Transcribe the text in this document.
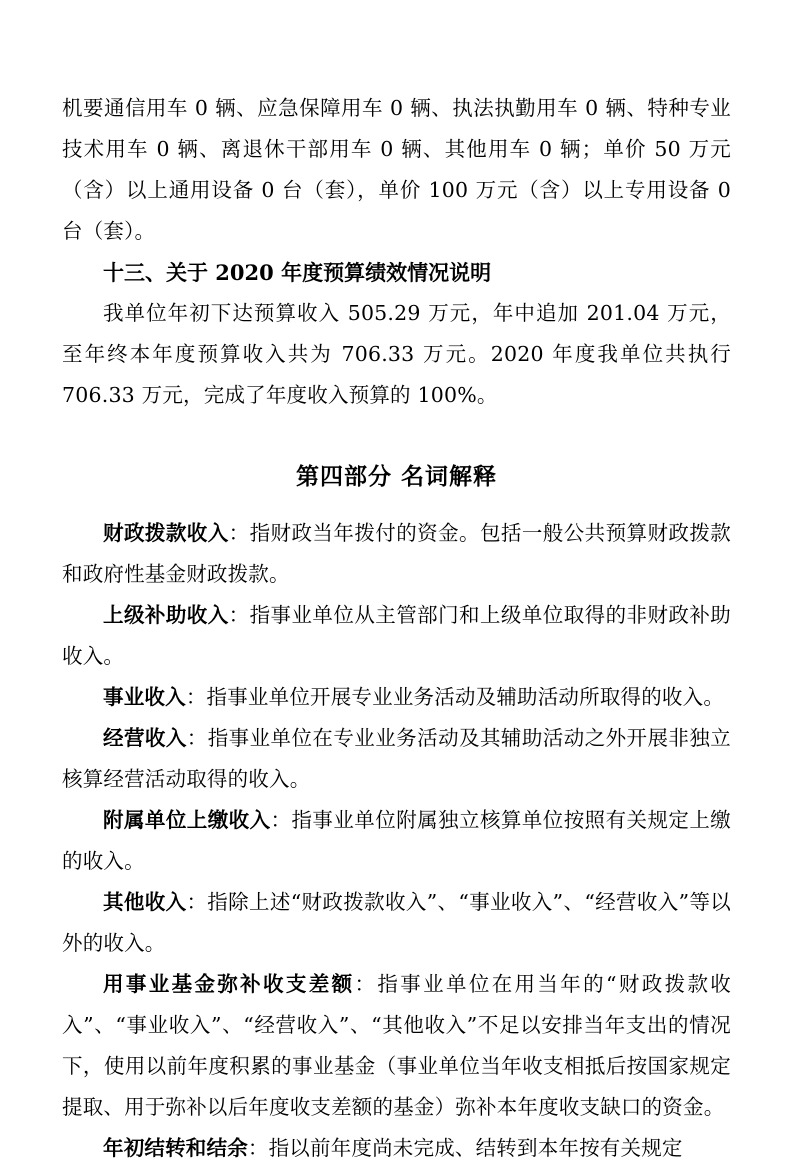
机要通信用车 0 辆、应急保障用车 0 辆、执法执勤用车 0 辆、特种专业技术用车 0 辆、离退休干部用车 0 辆、其他用车 0 辆；单价 50 万元（含）以上通用设备 0 台（套），单价 100 万元（含）以上专用设备 0 台（套）。

十三、关于 2020 年度预算绩效情况说明

我单位年初下达预算收入 505.29 万元，年中追加 201.04 万元，至年终本年度预算收入共为 706.33 万元。2020 年度我单位共执行 706.33 万元，完成了年度收入预算的 100%。

第四部分 名词解释

财政拨款收入：指财政当年拨付的资金。包括一般公共预算财政拨款和政府性基金财政拨款。

上级补助收入：指事业单位从主管部门和上级单位取得的非财政补助收入。

事业收入：指事业单位开展专业业务活动及辅助活动所取得的收入。

经营收入：指事业单位在专业业务活动及其辅助活动之外开展非独立核算经营活动取得的收入。

附属单位上缴收入：指事业单位附属独立核算单位按照有关规定上缴的收入。

其他收入：指除上述“财政拨款收入”、“事业收入”、“经营收入”等以外的收入。

用事业基金弥补收支差额：指事业单位在用当年的“财政拨款收入”、“事业收入”、“经营收入”、“其他收入”不足以安排当年支出的情况下，使用以前年度积累的事业基金（事业单位当年收支相抵后按国家规定提取、用于弥补以后年度收支差额的基金）弥补本年度收支缺口的资金。

年初结转和结余：指以前年度尚未完成、结转到本年按有关规定
